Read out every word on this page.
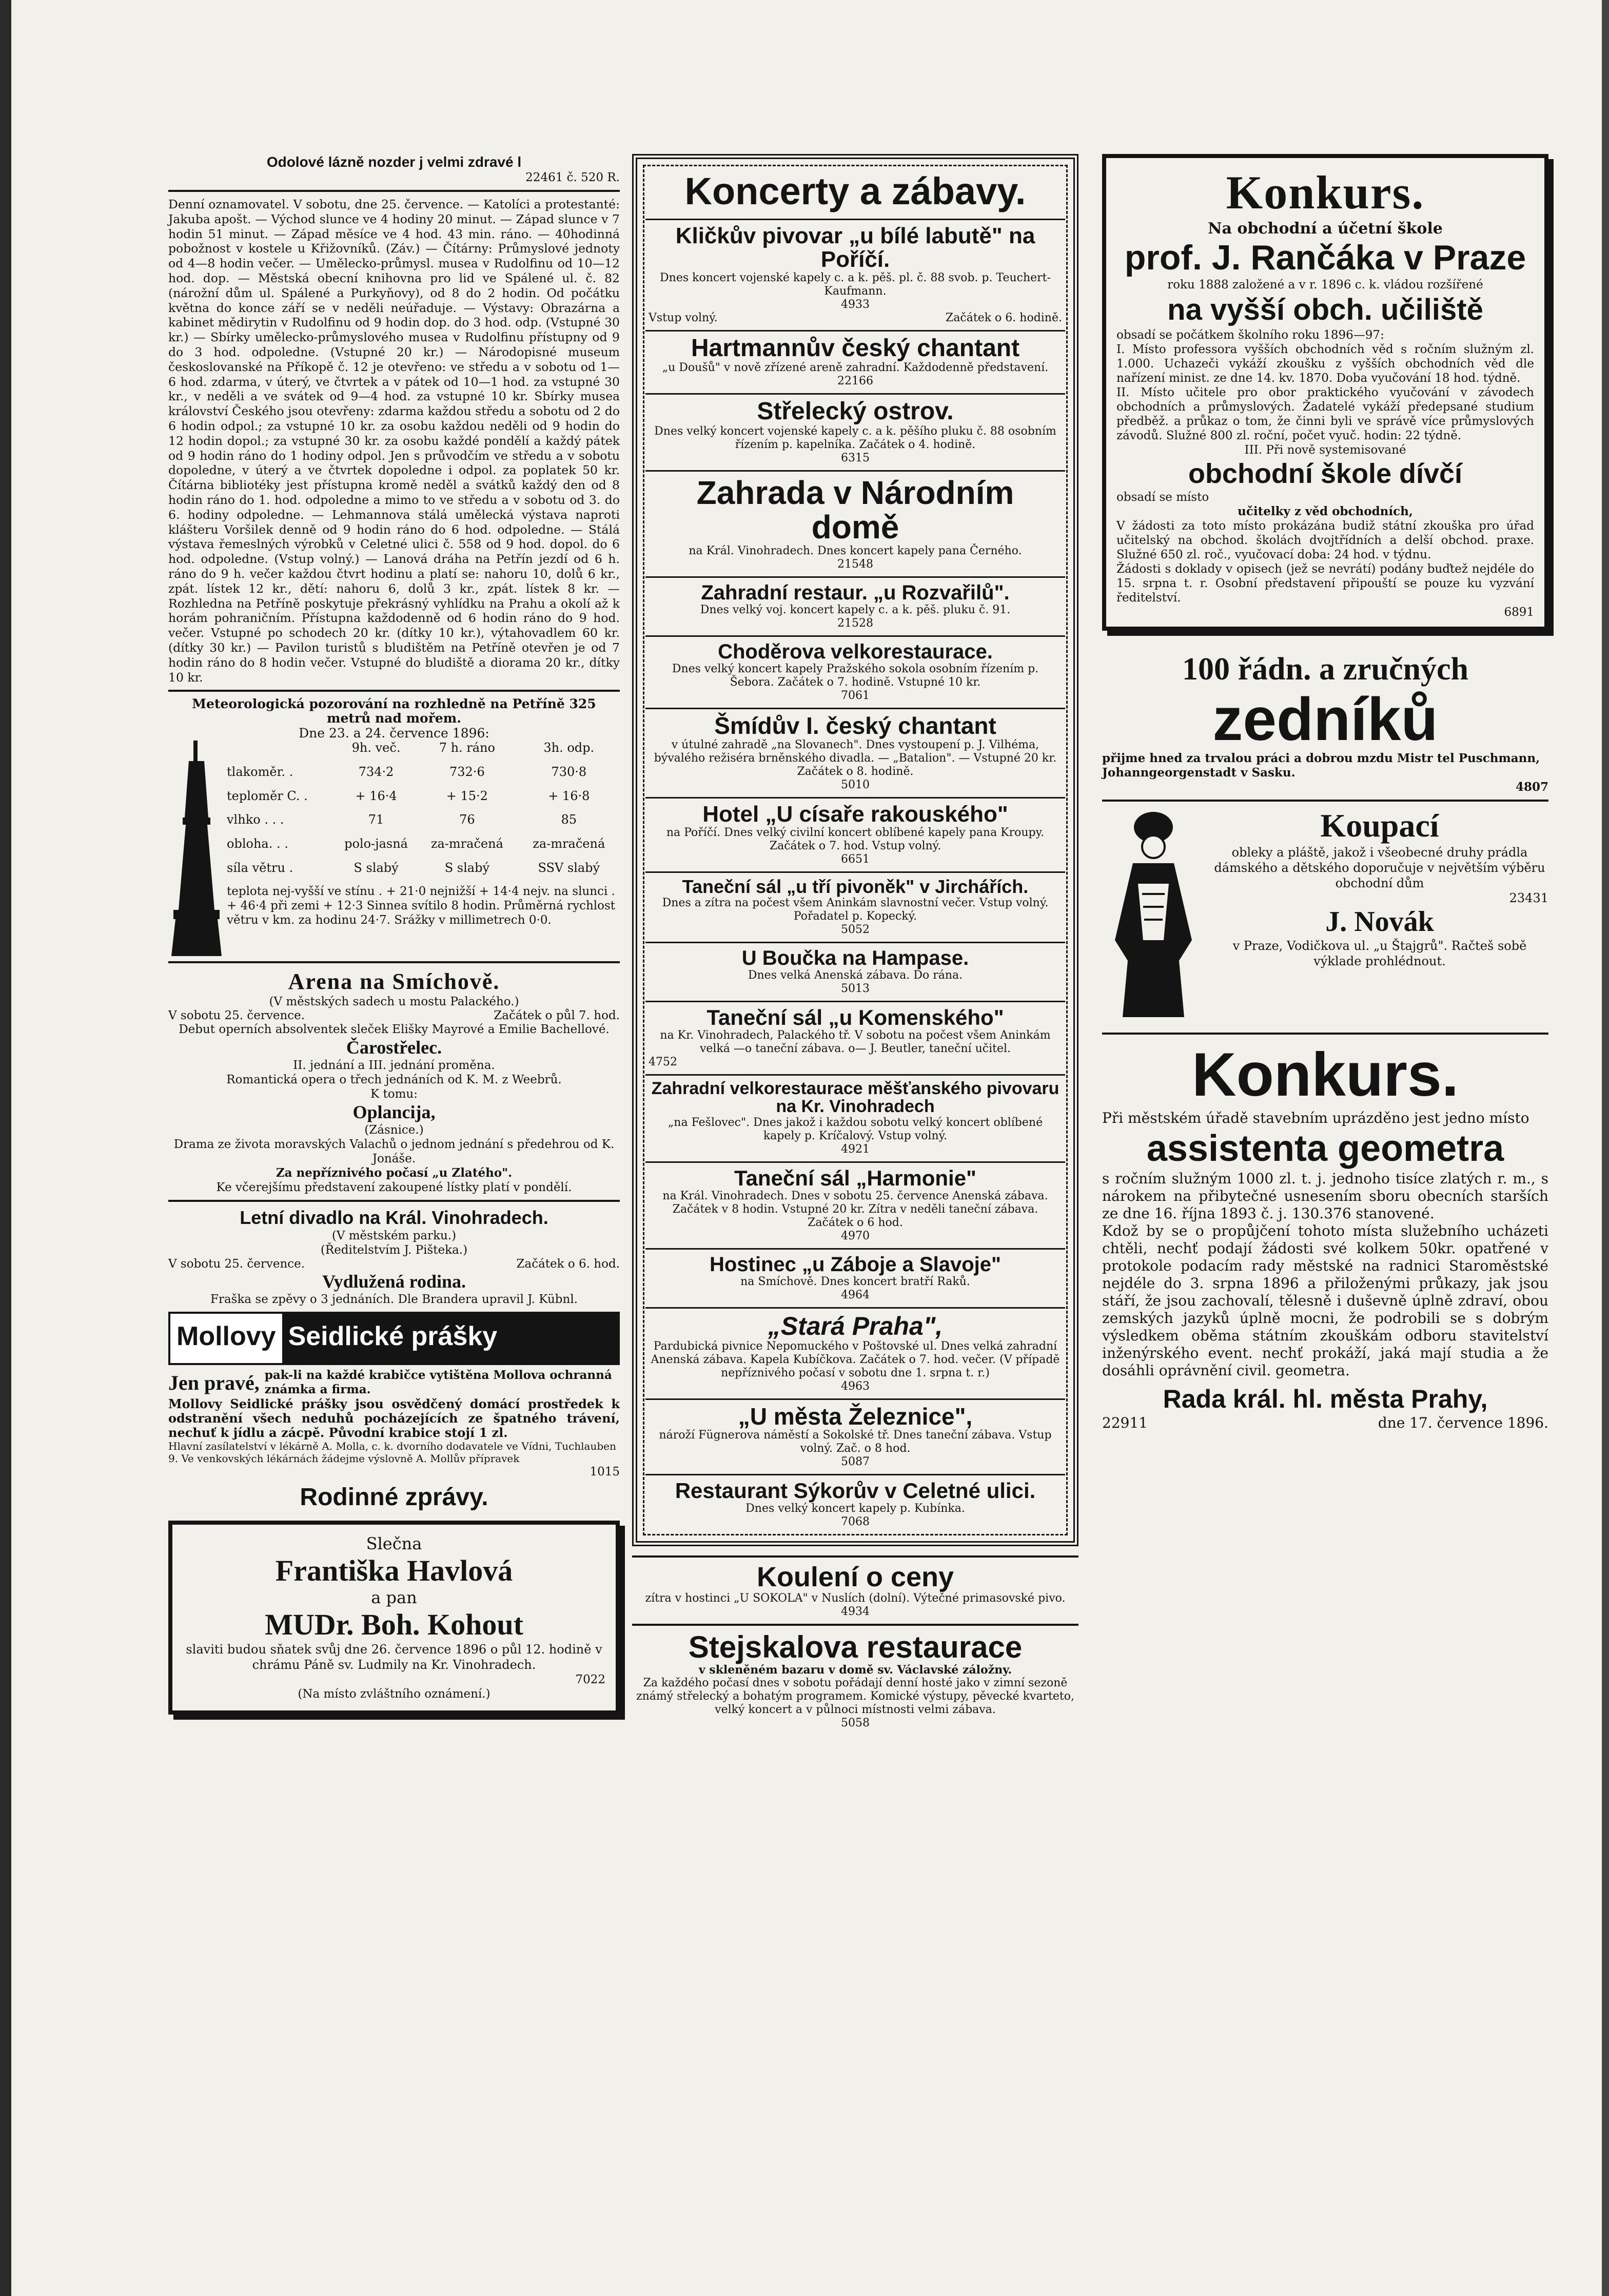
Odolové lázně nozder j velmi zdravé l

22461 č. 520 R.

Denní oznamovatel. V sobotu, dne 25. července. — Katolíci a protestanté: Jakuba apošt. — Východ slunce ve 4 hodiny 20 minut. — Západ slunce v 7 hodin 51 minut. — Západ měsíce ve 4 hod. 43 min. ráno. — 40hodinná pobožnost v kostele u Křižovníků. (Záv.) — Čítárny: Průmyslové jednoty od 4—8 hodin večer. — Umělecko-průmysl. musea v Rudolfinu od 10—12 hod. dop. — Městská obecní knihovna pro lid ve Spálené ul. č. 82 (nárožní dům ul. Spálené a Purkyňovy), od 8 do 2 hodin. Od počátku května do konce září se v neděli neúřaduje. — Výstavy: Obrazárna a kabinet mědirytin v Rudolfinu od 9 hodin dop. do 3 hod. odp. (Vstupné 30 kr.) — Sbírky umělecko-průmyslového musea v Rudolfinu přístupny od 9 do 3 hod. odpoledne. (Vstupné 20 kr.) — Národopisné museum českoslovanské na Příkopě č. 12 je otevřeno: ve středu a v sobotu od 1—6 hod. zdarma, v úterý, ve čtvrtek a v pátek od 10—1 hod. za vstupné 30 kr., v neděli a ve svátek od 9—4 hod. za vstupné 10 kr. Sbírky musea království Českého jsou otevřeny: zdarma každou středu a sobotu od 2 do 6 hodin odpol.; za vstupné 10 kr. za osobu každou neděli od 9 hodin do 12 hodin dopol.; za vstupné 30 kr. za osobu každé pondělí a každý pátek od 9 hodin ráno do 1 hodiny odpol. Jen s průvodčím ve středu a v sobotu dopoledne, v úterý a ve čtvrtek dopoledne i odpol. za poplatek 50 kr. Čítárna bibliotéky jest přístupna kromě neděl a svátků každý den od 8 hodin ráno do 1. hod. odpoledne a mimo to ve středu a v sobotu od 3. do 6. hodiny odpoledne. — Lehmannova stálá umělecká výstava naproti klášteru Voršilek denně od 9 hodin ráno do 6 hod. odpoledne. — Stálá výstava řemeslných výrobků v Celetné ulici č. 558 od 9 hod. dopol. do 6 hod. odpoledne. (Vstup volný.) — Lanová dráha na Petřín jezdí od 6 h. ráno do 9 h. večer každou čtvrt hodinu a platí se: nahoru 10, dolů 6 kr., zpát. lístek 12 kr., dětí: nahoru 6, dolů 3 kr., zpát. lístek 8 kr. — Rozhledna na Petříně poskytuje překrásný vyhlídku na Prahu a okolí až k horám pohraničním. Přístupna každodenně od 6 hodin ráno do 9 hod. večer. Vstupné po schodech 20 kr. (dítky 10 kr.), výtahovadlem 60 kr. (dítky 30 kr.) — Pavilon turistů s bludištěm na Petříně otevřen je od 7 hodin ráno do 8 hodin večer. Vstupné do bludiště a diorama 20 kr., dítky 10 kr.

Meteorologická pozorování na rozhledně na Petříně 325 metrů nad mořem.

Dne 23. a 24. července 1896:

	9h. več.	7 h. ráno	3h. odp.
tlakoměr. .	734·2	732·6	730·8
teploměr C. .	+ 16·4	+ 15·2	+ 16·8
vlhko . . .	71	76	85
obloha. . .	polo-jasná	za-mračená	za-mračená
síla větru .	S slabý	S slabý	SSV slabý
teplota nej-vyšší ve stínu . + 21·0 nejnižší + 14·4 nejv. na slunci . + 46·4 při zemi + 12·3 Sinnea svítilo 8 hodin. Průměrná rychlost větru v km. za hodinu 24·7. Srážky v millimetrech 0·0.			

Arena na Smíchově.

(V městských sadech u mostu Palackého.)

V sobotu 25. července.	Začátek o půl 7. hod.

Debut operních absolventek sleček Elišky Mayrové a Emilie Bachellové.

Čarostřelec.

II. jednání a III. jednání proměna.

Romantická opera o třech jednáních od K. M. z Weebrů.

K tomu:

Oplancija,

(Zásnice.)

Drama ze života moravských Valachů o jednom jednání s předehrou od K. Jonáše.

Za nepříznivého počasí „u Zlatého".

Ke včerejšímu představení zakoupené lístky platí v pondělí.

Letní divadlo na Král. Vinohradech.

(V městském parku.)

(Ředitelstvím J. Pišteka.)

V sobotu 25. července.	Začátek o 6. hod.

Vydlužená rodina.

Fraška se zpěvy o 3 jednáních. Dle Brandera upravil J. Kübnl.

Mollovy Seidlické prášky
Jen pravé, pak-li na každé krabičce vytištěna Mollova ochranná známka a firma.

Mollovy Seidlické prášky jsou osvědčený domácí prostředek k odstranění všech neduhů pocházejících ze špatného trávení, nechuť k jídlu a zácpě. Původní krabice stojí 1 zl.

Hlavní zasílatelství v lékárně A. Molla, c. k. dvorního dodavatele ve Vídni, Tuchlauben 9. Ve venkovských lékárnách žádejme výslovně A. Mollův přípravek

1015

Rodinné zprávy.

Slečna

Františka Havlová

a pan

MUDr. Boh. Kohout

slaviti budou sňatek svůj dne 26. července 1896 o půl 12. hodině v chrámu Páně sv. Ludmily na Kr. Vinohradech.

7022

(Na místo zvláštního oznámení.)

Koncerty a zábavy.

Kličkův pivovar „u bílé labutě" na Poříčí.

Dnes koncert vojenské kapely c. a k. pěš. pl. č. 88 svob. p. Teuchert-Kaufmann.

4933

Vstup volný.	Začátek o 6. hodině.

Hartmannův český chantant

„u Doušů" v nově zřízené areně zahradní. Každodenně představení.

22166

Střelecký ostrov.

Dnes velký koncert vojenské kapely c. a k. pěšího pluku č. 88 osobním řízením p. kapelníka. Začátek o 4. hodině.

6315

Zahrada v Národním domě

na Král. Vinohradech. Dnes koncert kapely pana Černého.

21548

Zahradní restaur. „u Rozvařilů".

Dnes velký voj. koncert kapely c. a k. pěš. pluku č. 91.

21528

Choděrova velkorestaurace.

Dnes velký koncert kapely Pražského sokola osobním řízením p. Šebora. Začátek o 7. hodině. Vstupné 10 kr.

7061

Šmídův I. český chantant

v útulné zahradě „na Slovanech". Dnes vystoupení p. J. Vilhéma, bývalého režiséra brněnského divadla. — „Batalion". — Vstupné 20 kr. Začátek o 8. hodině.

5010

Hotel „U císaře rakouského"

na Poříčí. Dnes velký civilní koncert oblíbené kapely pana Kroupy. Začátek o 7. hod. Vstup volný.

6651

Taneční sál „u tří pivoněk" v Jirchářích.

Dnes a zítra na počest všem Aninkám slavnostní večer. Vstup volný. Pořadatel p. Kopecký.

5052

U Boučka na Hampase.

Dnes velká Anenská zábava. Do rána.

5013

Taneční sál „u Komenského"

na Kr. Vinohradech, Palackého tř. V sobotu na počest všem Aninkám velká —o taneční zábava. o— J. Beutler, taneční učitel.

4752

Zahradní velkorestaurace měšťanského pivovaru na Kr. Vinohradech

„na Fešlovec". Dnes jakož i každou sobotu velký koncert oblíbené kapely p. Kríčalový. Vstup volný.

4921

Taneční sál „Harmonie"

na Král. Vinohradech. Dnes v sobotu 25. července Anenská zábava. Začátek v 8 hodin. Vstupné 20 kr. Zítra v neděli taneční zábava. Začátek o 6 hod.

4970

Hostinec „u Záboje a Slavoje"

na Smíchově. Dnes koncert bratří Raků.

4964

„Stará Praha",

Pardubická pivnice Nepomuckého v Poštovské ul. Dnes velká zahradní Anenská zábava. Kapela Kubíčkova. Začátek o 7. hod. večer. (V případě nepříznivého počasí v sobotu dne 1. srpna t. r.)

4963

„U města Železnice",

nároží Fügnerova náměstí a Sokolské tř. Dnes taneční zábava. Vstup volný. Zač. o 8 hod.

5087

Restaurant Sýkorův v Celetné ulici.

Dnes velký koncert kapely p. Kubínka.

7068

Koulení o ceny

zítra v hostinci „U SOKOLA" v Nuslích (dolní). Výtečné primasovské pivo.

4934

Stejskalova restaurace

v skleněném bazaru v domě sv. Václavské záložny.

Za každého počasí dnes v sobotu pořádají denní hosté jako v zimní sezoně známý střelecký a bohatým programem. Komické výstupy, pěvecké kvarteto, velký koncert a v půlnoci místnosti velmi zábava.

5058

Konkurs.

Na obchodní a účetní škole

prof. J. Rančáka v Praze

roku 1888 založené a v r. 1896 c. k. vládou rozšířené

na vyšší obch. učiliště

obsadí se počátkem školního roku 1896—97:

I. Místo professora vyšších obchodních věd s ročním služným zl. 1.000. Uchazeči vykáží zkoušku z vyšších obchodních věd dle nařízení minist. ze dne 14. kv. 1870. Doba vyučování 18 hod. týdně.

II. Místo učitele pro obor praktického vyučování v závodech obchodních a průmyslových. Žadatelé vykáží předepsané studium předběž. a průkaz o tom, že činni byli ve správě více průmyslových závodů. Služné 800 zl. roční, počet vyuč. hodin: 22 týdně.

III. Při nově systemisované

obchodní škole dívčí

obsadí se místo

učitelky z věd obchodních,

V žádosti za toto místo prokázána budiž státní zkouška pro úřad učitelský na obchod. školách dvojtřídních a delší obchod. praxe. Služné 650 zl. roč., vyučovací doba: 24 hod. v týdnu.

Žádosti s doklady v opisech (jež se nevrátí) podány buďtež nejdéle do 15. srpna t. r. Osobní představení připouští se pouze ku vyzvání ředitelství.

6891

100 řádn. a zručných

zedníků

přijme hned za trvalou práci a dobrou mzdu Mistr tel Puschmann, Johanngeorgenstadt v Sasku.

4807

Koupací

obleky a pláště, jakož i všeobecné druhy prádla dámského a dětského doporučuje v největším výběru obchodní dům

23431

J. Novák

v Praze, Vodičkova ul. „u Štajgrů". Račteš sobě výklade prohlédnout.

Konkurs.

Při městském úřadě stavebním uprázděno jest jedno místo

assistenta geometra

s ročním služným 1000 zl. t. j. jednoho tisíce zlatých r. m., s nárokem na přibytečné usnesením sboru obecních starších ze dne 16. října 1893 č. j. 130.376 stanovené.

Kdož by se o propůjčení tohoto místa služebního ucházeti chtěli, nechť podají žádosti své kolkem 50kr. opatřené v protokole podacím rady městské na radnici Staroměstské nejdéle do 3. srpna 1896 a přiloženými průkazy, jak jsou stáří, že jsou zachovalí, tělesně i duševně úplně zdraví, obou zemských jazyků úplně mocni, že podrobili se s dobrým výsledkem oběma státním zkouškám odboru stavitelství inženýrského event. nechť prokáží, jaká mají studia a že dosáhli oprávnění civil. geometra.

Rada král. hl. města Prahy,

22911	dne 17. července 1896.
